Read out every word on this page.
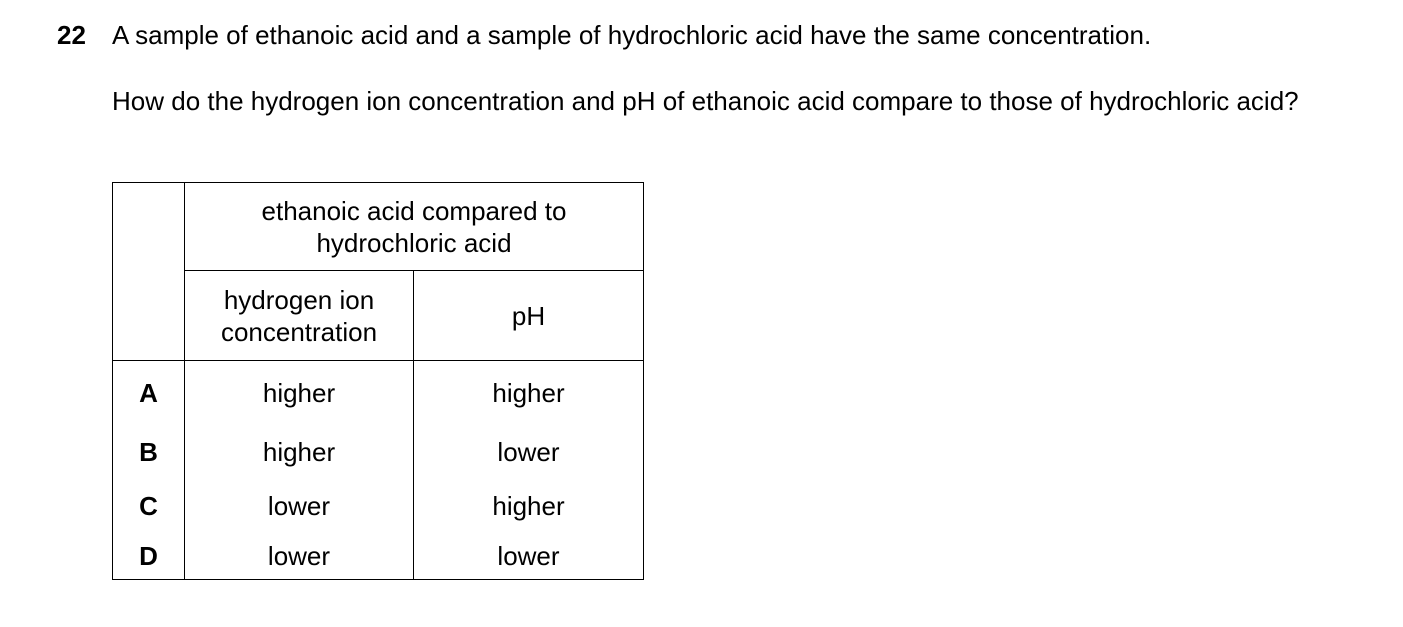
22 A sample of ethanoic acid and a sample of hydrochloric acid have the same concentration.
How do the hydrogen ion concentration and pH of ethanoic acid compare to those of hydrochloric acid?

	ethanoic acid compared to hydrochloric acid	

	hydrogen ion concentration	pH
A	higher	higher
B	higher	lower
C	lower	higher
D	lower	lower
